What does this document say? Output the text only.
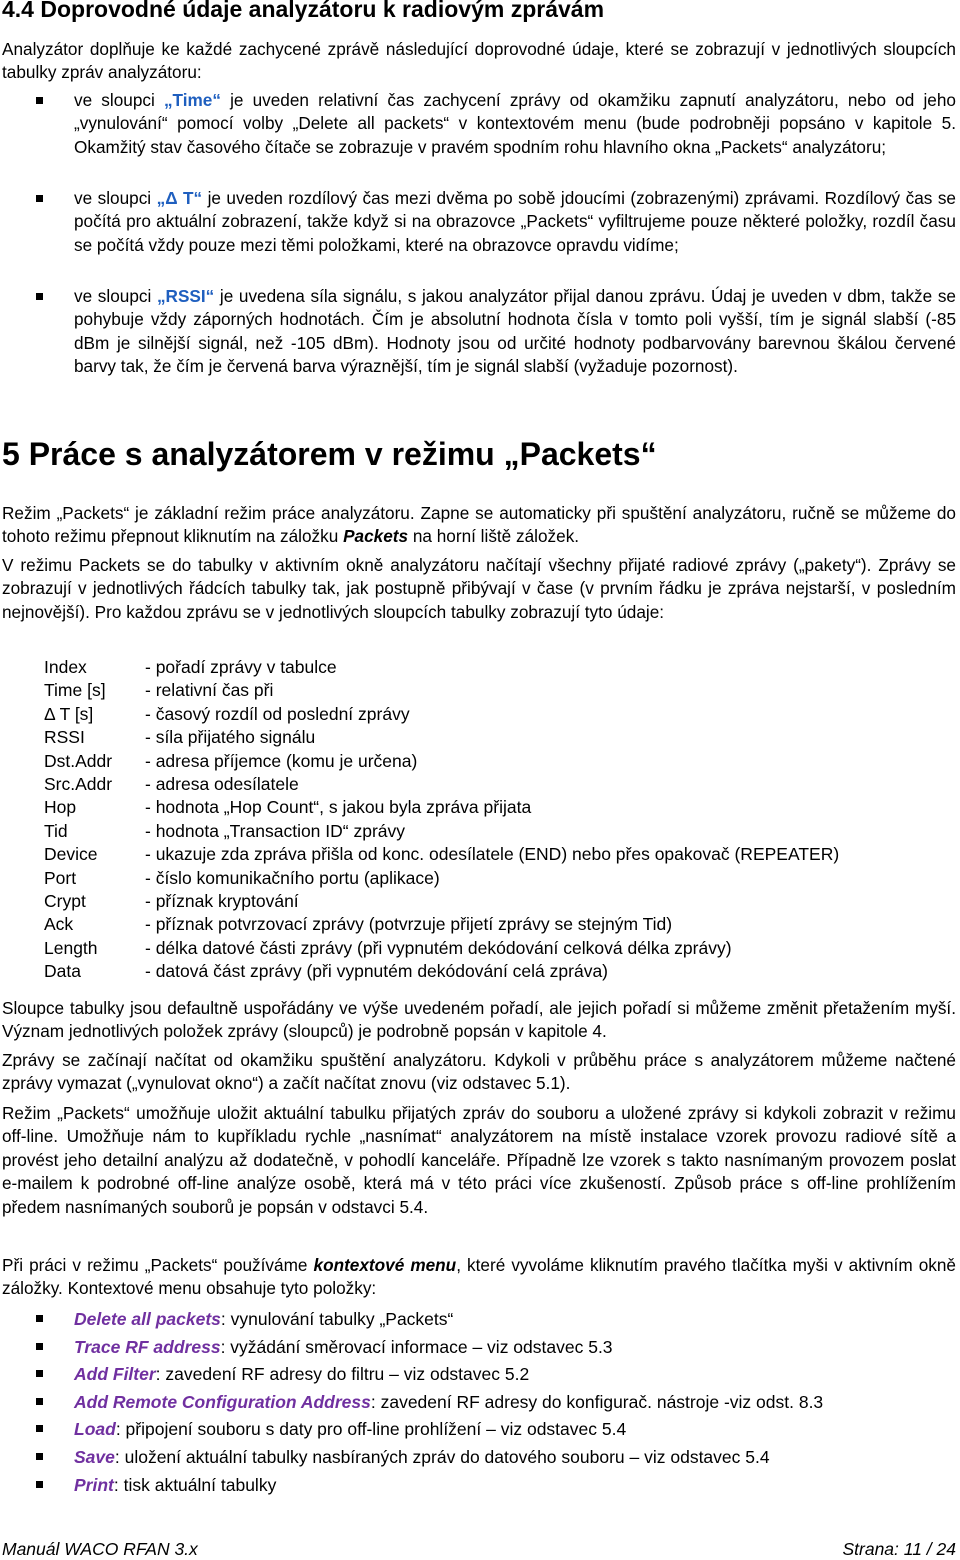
4.4 Doprovodné údaje analyzátoru k radiovým zprávám

Analyzátor doplňuje ke každé zachycené zprávě následující doprovodné údaje, které se zobrazují v jednotlivých sloupcích tabulky zpráv analyzátoru:

ve sloupci „Time“ je uveden relativní čas zachycení zprávy od okamžiku zapnutí analyzátoru, nebo od jeho „vynulování“ pomocí volby „Delete all packets“ v kontextovém menu (bude podrobněji popsáno v kapitole 5. Okamžitý stav časového čítače se zobrazuje v pravém spodním rohu hlavního okna „Packets“ analyzátoru;

ve sloupci „Δ T“ je uveden rozdílový čas mezi dvěma po sobě jdoucími (zobrazenými) zprávami. Rozdílový čas se počítá pro aktuální zobrazení, takže když si na obrazovce „Packets“ vyfiltrujeme pouze některé položky, rozdíl času se počítá vždy pouze mezi těmi položkami, které na obrazovce opravdu vidíme;

ve sloupci „RSSI“ je uvedena síla signálu, s jakou analyzátor přijal danou zprávu. Údaj je uveden v dbm, takže se pohybuje vždy záporných hodnotách. Čím je absolutní hodnota čísla v tomto poli vyšší, tím je signál slabší (-85 dBm je silnější signál, než -105 dBm). Hodnoty jsou od určité hodnoty podbarvovány barevnou škálou červené barvy tak, že čím je červená barva výraznější, tím je signál slabší (vyžaduje pozornost).

5 Práce s analyzátorem v režimu „Packets“

Režim „Packets“ je základní režim práce analyzátoru. Zapne se automaticky při spuštění analyzátoru, ručně se můžeme do tohoto režimu přepnout kliknutím na záložku Packets na horní liště záložek.

V režimu Packets se do tabulky v aktivním okně analyzátoru načítají všechny přijaté radiové zprávy („pakety“). Zprávy se zobrazují v jednotlivých řádcích tabulky tak, jak postupně přibývají v čase (v prvním řádku je zpráva nejstarší, v posledním nejnovější). Pro každou zprávu se v jednotlivých sloupcích tabulky zobrazují tyto údaje:

Index	- pořadí zprávy v tabulce
Time [s]	- relativní čas při
Δ T [s]	- časový rozdíl od poslední zprávy
RSSI	- síla přijatého signálu
Dst.Addr	- adresa příjemce (komu je určena)
Src.Addr	- adresa odesílatele
Hop	- hodnota „Hop Count“, s jakou byla zpráva přijata
Tid	- hodnota „Transaction ID“ zprávy
Device	- ukazuje zda zpráva přišla od konc. odesílatele (END) nebo přes opakovač (REPEATER)
Port	- číslo komunikačního portu (aplikace)
Crypt	- příznak kryptování
Ack	- příznak potvrzovací zprávy (potvrzuje přijetí zprávy se stejným Tid)
Length	- délka datové části zprávy (při vypnutém dekódování celková délka zprávy)
Data	- datová část zprávy (při vypnutém dekódování celá zpráva)

Sloupce tabulky jsou defaultně uspořádány ve výše uvedeném pořadí, ale jejich pořadí si můžeme změnit přetažením myší. Význam jednotlivých položek zprávy (sloupců) je podrobně popsán v kapitole 4.

Zprávy se začínají načítat od okamžiku spuštění analyzátoru. Kdykoli v průběhu práce s analyzátorem můžeme načtené zprávy vymazat („vynulovat okno“) a začít načítat znovu (viz odstavec 5.1).

Režim „Packets“ umožňuje uložit aktuální tabulku přijatých zpráv do souboru a uložené zprávy si kdykoli zobrazit v režimu off-line. Umožňuje nám to kupříkladu rychle „nasnímat“ analyzátorem na místě instalace vzorek provozu radiové sítě a provést jeho detailní analýzu až dodatečně, v pohodlí kanceláře. Případně lze vzorek s takto nasnímaným provozem poslat e-mailem k podrobné off-line analýze osobě, která má v této práci více zkušeností. Způsob práce s off-line prohlížením předem nasnímaných souborů je popsán v odstavci 5.4.

Při práci v režimu „Packets“ používáme kontextové menu, které vyvoláme kliknutím pravého tlačítka myši v aktivním okně záložky. Kontextové menu obsahuje tyto položky:

Delete all packets: vynulování tabulky „Packets“
Trace RF address: vyžádání směrovací informace – viz odstavec 5.3
Add Filter: zavedení RF adresy do filtru – viz odstavec 5.2
Add Remote Configuration Address: zavedení RF adresy do konfigurač. nástroje -viz odst. 8.3
Load: připojení souboru s daty pro off-line prohlížení – viz odstavec 5.4
Save: uložení aktuální tabulky nasbíraných zpráv do datového souboru – viz odstavec 5.4
Print: tisk aktuální tabulky
Manuál WACO RFAN 3.x	Strana: 11 / 24
